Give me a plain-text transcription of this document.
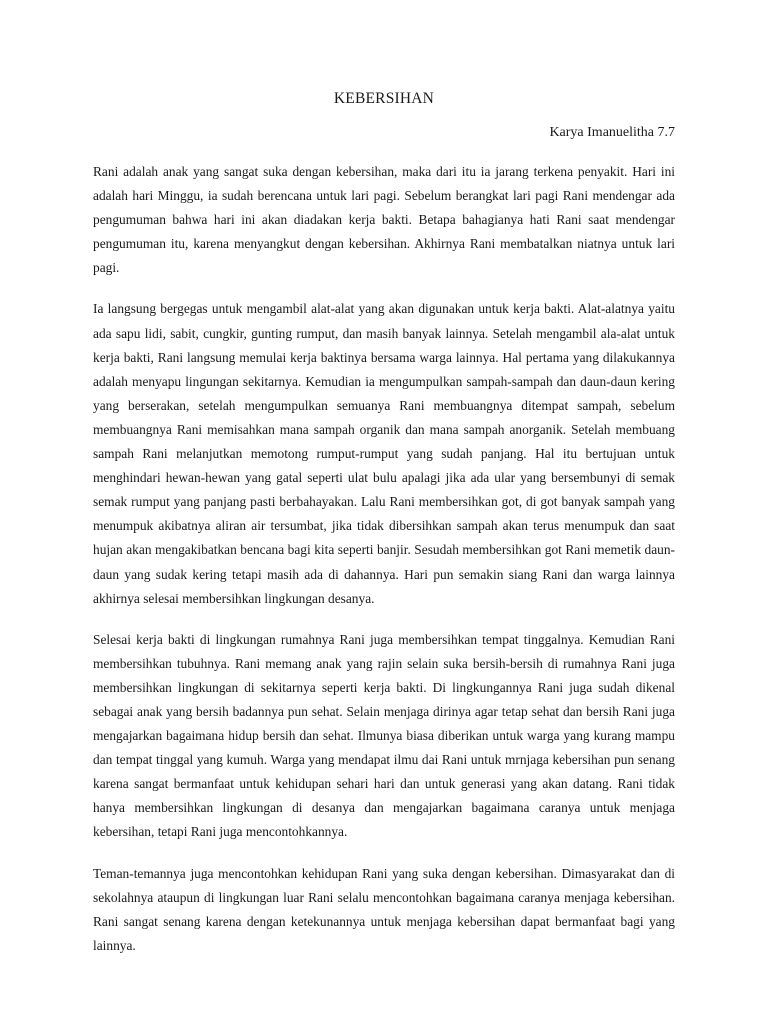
KEBERSIHAN

Karya Imanuelitha 7.7

Rani adalah anak yang sangat suka dengan kebersihan, maka dari itu ia jarang terkena penyakit. Hari ini adalah hari Minggu, ia sudah berencana untuk lari pagi. Sebelum berangkat lari pagi Rani mendengar ada pengumuman bahwa hari ini akan diadakan kerja bakti. Betapa bahagianya hati Rani saat mendengar pengumuman itu, karena menyangkut dengan kebersihan. Akhirnya Rani membatalkan niatnya untuk lari pagi.

Ia langsung bergegas untuk mengambil alat-alat yang akan digunakan untuk kerja bakti. Alat-alatnya yaitu ada sapu lidi, sabit, cungkir, gunting rumput, dan masih banyak lainnya. Setelah mengambil ala-alat untuk kerja bakti, Rani langsung memulai kerja baktinya bersama warga lainnya. Hal pertama yang dilakukannya adalah menyapu lingungan sekitarnya. Kemudian ia mengumpulkan sampah-sampah dan daun-daun kering yang berserakan, setelah mengumpulkan semuanya Rani membuangnya ditempat sampah, sebelum membuangnya Rani memisahkan mana sampah organik dan mana sampah anorganik. Setelah membuang sampah Rani melanjutkan memotong rumput-rumput yang sudah panjang. Hal itu bertujuan untuk menghindari hewan-hewan yang gatal seperti ulat bulu apalagi jika ada ular yang bersembunyi di semak semak rumput yang panjang pasti berbahayakan. Lalu Rani membersihkan got, di got banyak sampah yang menumpuk akibatnya aliran air tersumbat, jika tidak dibersihkan sampah akan terus menumpuk dan saat hujan akan mengakibatkan bencana bagi kita seperti banjir. Sesudah membersihkan got Rani memetik daun-daun yang sudak kering tetapi masih ada di dahannya. Hari pun semakin siang Rani dan warga lainnya akhirnya selesai membersihkan lingkungan desanya.

Selesai kerja bakti di lingkungan rumahnya Rani juga membersihkan tempat tinggalnya. Kemudian Rani membersihkan tubuhnya. Rani memang anak yang rajin selain suka bersih-bersih di rumahnya Rani juga membersihkan lingkungan di sekitarnya seperti kerja bakti. Di lingkungannya Rani juga sudah dikenal sebagai anak yang bersih badannya pun sehat. Selain menjaga dirinya agar tetap sehat dan bersih Rani juga mengajarkan bagaimana hidup bersih dan sehat. Ilmunya biasa diberikan untuk warga yang kurang mampu dan tempat tinggal yang kumuh. Warga yang mendapat ilmu dai Rani untuk mrnjaga kebersihan pun senang karena sangat bermanfaat untuk kehidupan sehari hari dan untuk generasi yang akan datang. Rani tidak hanya membersihkan lingkungan di desanya dan mengajarkan bagaimana caranya untuk menjaga kebersihan, tetapi Rani juga mencontohkannya.

Teman-temannya juga mencontohkan kehidupan Rani yang suka dengan kebersihan. Dimasyarakat dan di sekolahnya ataupun di lingkungan luar Rani selalu mencontohkan bagaimana caranya menjaga kebersihan. Rani sangat senang karena dengan ketekunannya untuk menjaga kebersihan dapat bermanfaat bagi yang lainnya.
